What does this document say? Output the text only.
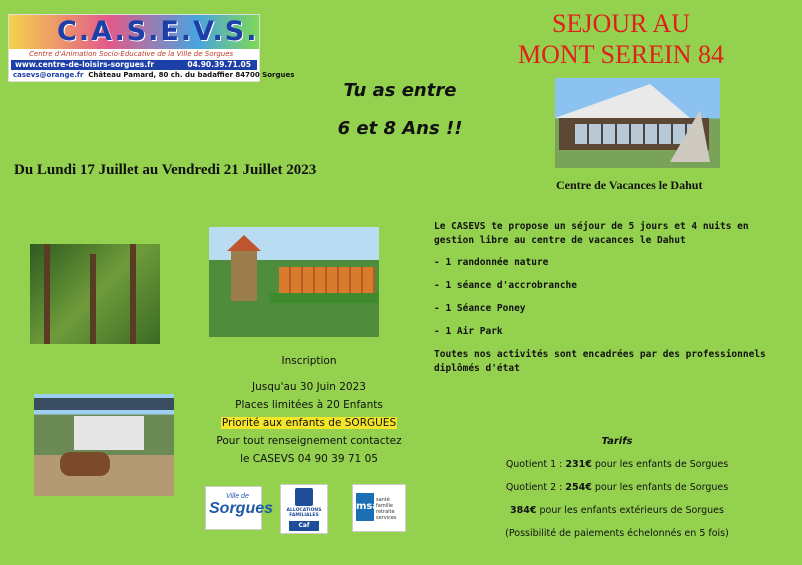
C.A.S.E.V.S.
Centre d'Animation Socio-Educative de la Ville de Sorgues
www.centre-de-loisirs-sorgues.fr	04.90.39.71.05
casevs@orange.fr Château Pamard, 80 ch. du badaffier 84700 Sorgues
SEJOUR AU
MONT SEREIN 84
Tu as entre
6 et 8 Ans !!
Du Lundi 17 Juillet au Vendredi 21 Juillet 2023
Centre de Vacances le Dahut
Inscription
Jusqu'au 30 Juin 2023
Places limitées à 20 Enfants
Priorité aux enfants de SORGUES
Pour tout renseignement contactez
le CASEVS 04 90 39 71 05
Ville de
Sorgues	ALLOCATIONS FAMILIALES
Caf
msa
santé famille retraite services

Le CASEVS te propose un séjour de 5 jours et 4 nuits en gestion libre au centre de vacances le Dahut

- 1 randonnée nature

- 1 séance d'accrobranche

- 1 Séance Poney

- 1 Air Park

Toutes nos activités sont encadrées par des professionnels diplômés d'état

Tarifs
Quotient 1 : 231€ pour les enfants de Sorgues
Quotient 2 : 254€ pour les enfants de Sorgues
384€ pour les enfants extérieurs de Sorgues
(Possibilité de paiements échelonnés en 5 fois)
